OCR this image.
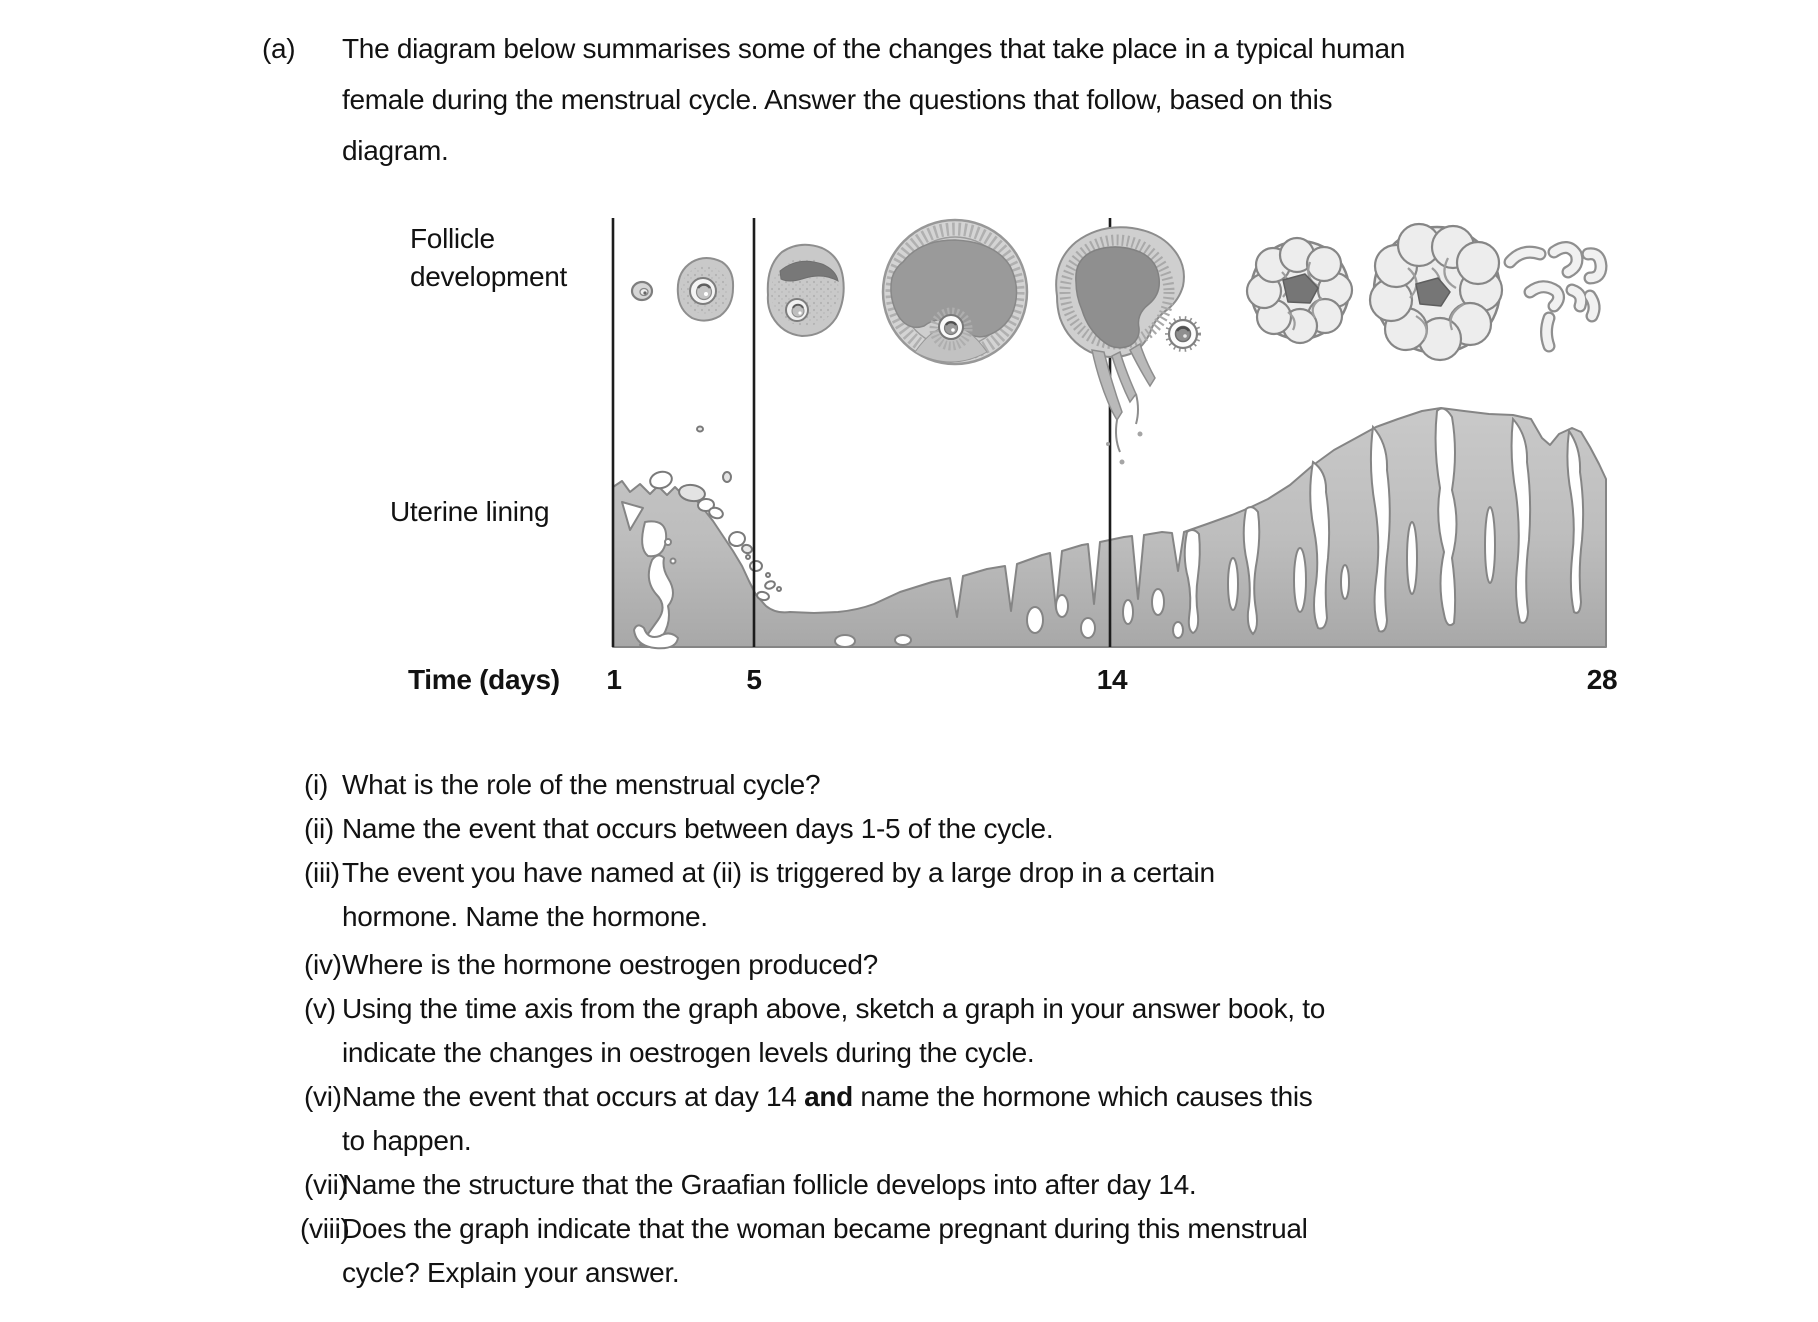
(a) The diagram below summarises some of the changes that take place in a typical human
female during the menstrual cycle. Answer the questions that follow, based on this
diagram.
Follicle development
Uterine lining
Time (days) 1	5	14	28
(i) What is the role of the menstrual cycle?
(ii) Name the event that occurs between days 1-5 of the cycle.
(iii) The event you have named at (ii) is triggered by a large drop in a certain
hormone. Name the hormone.
(iv) Where is the hormone oestrogen produced?
(v) Using the time axis from the graph above, sketch a graph in your answer book, to
indicate the changes in oestrogen levels during the cycle.
(vi) Name the event that occurs at day 14 and name the hormone which causes this
to happen.
(vii)
Name the structure that the Graafian follicle develops into after day 14.
(viii)
Does the graph indicate that the woman became pregnant during this menstrual
cycle? Explain your answer.
